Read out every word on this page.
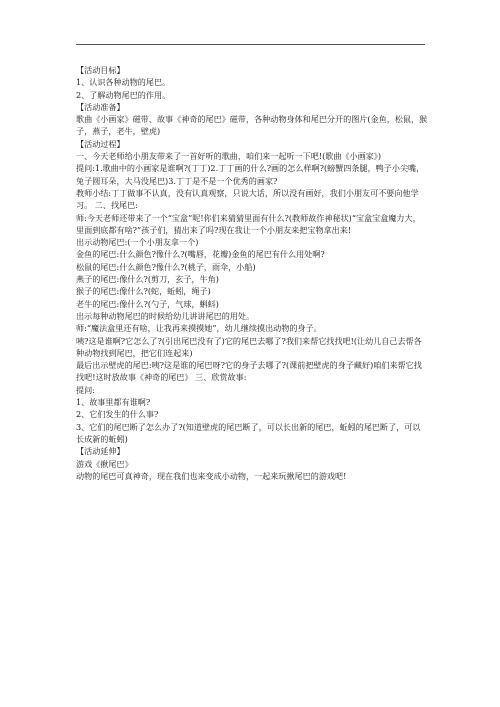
【活动目标】
1、认识各种动物的尾巴。
2、了解动物尾巴的作用。
【活动准备】
歌曲《小画家》磁带、故事《神奇的尾巴》磁带，各种动物身体和尾巴分开的图片(金鱼，松鼠，猴子，燕子，老牛，壁虎)
【活动过程】
一、今天老师给小朋友带来了一首好听的歌曲，咱们来一起听一下吧!(歌曲《小画家》)
提问:1.歌曲中的小画家是谁啊?(丁丁)2.丁丁画的什么?画的怎么样啊?(螃蟹四条腿，鸭子小尖嘴，兔子圆耳朵，大马没尾巴)3.丁丁是不是一个优秀的画家?
教师小结:丁丁做事不认真，没有认真观察，只说大话，所以没有画好，我们小朋友可不要向他学习。 二、找尾巴:
师:今天老师还带来了一个“宝盒”呢!你们来猜猜里面有什么?(教师故作神秘状)“宝盒宝盒魔力大，里面到底都有啥?”孩子们，猜出来了吗?现在我让一个小朋友来把宝物拿出来!
出示动物尾巴:(一个小朋友拿一个)
金鱼的尾巴:什么颜色?像什么?(嘴唇，花瓣)金鱼的尾巴有什么用处啊?
松鼠的尾巴:什么颜色?像什么?(桃子，雨伞，小船)
燕子的尾巴:像什么?(剪刀，玄子，牛角)
猴子的尾巴:像什么?(蛇，蚯蚓，绳子)
老牛的尾巴:像什么?(勺子，气球，蝌蚪)
出示每种动物尾巴的时候给幼儿讲讲尾巴的用处。
师:“魔法盒里还有啥，让我再来摸摸她”，幼儿继续摸出动物的身子。
咦?这是谁啊?它怎么了?(引出尾巴没有了)它的尾巴去哪了?我们来帮它找找吧!(让幼儿自己去帮各种动物找到尾巴，把它们连起来)
最后出示壁虎的尾巴:咦?这是谁的尾巴呀?它的身子去哪了?(课前把壁虎的身子藏好)咱们来帮它找找吧!这时放故事《神奇的尾巴》 三、欣赏故事:
提问:
1、故事里都有谁啊?
2、它们发生的什么事?
3、它们的尾巴断了怎么办了?(知道壁虎的尾巴断了，可以长出新的尾巴，蚯蚓的尾巴断了，可以长成新的蚯蚓)
【活动延伸】
游戏《揪尾巴》
动物的尾巴可真神奇，现在我们也来变成小动物，一起来玩揪尾巴的游戏吧!
